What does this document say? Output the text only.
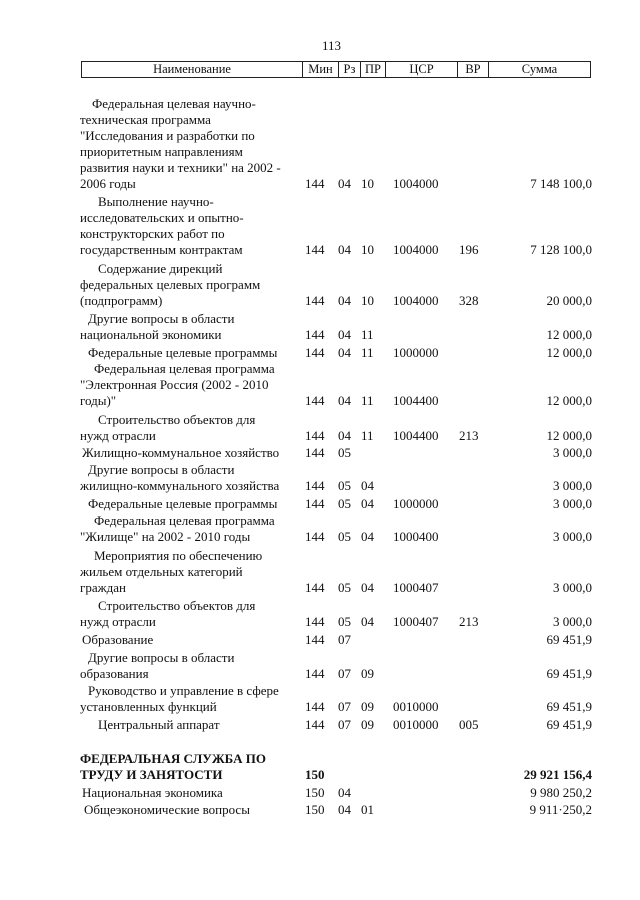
113
Наименование	Мин Рз ПР	ЦСР	ВР	Сумма
Федеральная целевая научно-
техническая программа
"Исследования и разработки по
приоритетным направлениям
развития науки и техники" на 2002 -
2006 годы	144 04 10 1004000	7 148 100,0
Выполнение научно-
исследовательских и опытно-
конструкторских работ по
государственным контрактам	144 04 10 1004000 196	7 128 100,0
Содержание дирекций
федеральных целевых программ
(подпрограмм)	144 04 10 1004000 328	20 000,0
Другие вопросы в области
национальной экономики	144 04 11	12 000,0
Федеральные целевые программы	144 04 11 1000000	12 000,0
Федеральная целевая программа
"Электронная Россия (2002 - 2010
годы)"	144 04 11 1004400	12 000,0
Строительство объектов для
нужд отрасли	144 04 11 1004400 213	12 000,0
Жилищно-коммунальное хозяйство	144 05	3 000,0
Другие вопросы в области
жилищно-коммунального хозяйства	144 05 04	3 000,0
Федеральные целевые программы	144 05 04 1000000	3 000,0
Федеральная целевая программа
"Жилище" на 2002 - 2010 годы	144 05 04 1000400	3 000,0
Мероприятия по обеспечению
жильем отдельных категорий
граждан	144 05 04 1000407	3 000,0
Строительство объектов для
нужд отрасли	144 05 04 1000407 213	3 000,0
Образование	144 07	69 451,9
Другие вопросы в области
образования	144 07 09	69 451,9
Руководство и управление в сфере
установленных функций	144 07 09 0010000	69 451,9
Центральный аппарат	144 07 09 0010000 005	69 451,9
ФЕДЕРАЛЬНАЯ СЛУЖБА ПО
ТРУДУ И ЗАНЯТОСТИ	150	29 921 156,4
Национальная экономика	150 04	9 980 250,2
Общеэкономические вопросы	150 04 01	9 911·250,2
